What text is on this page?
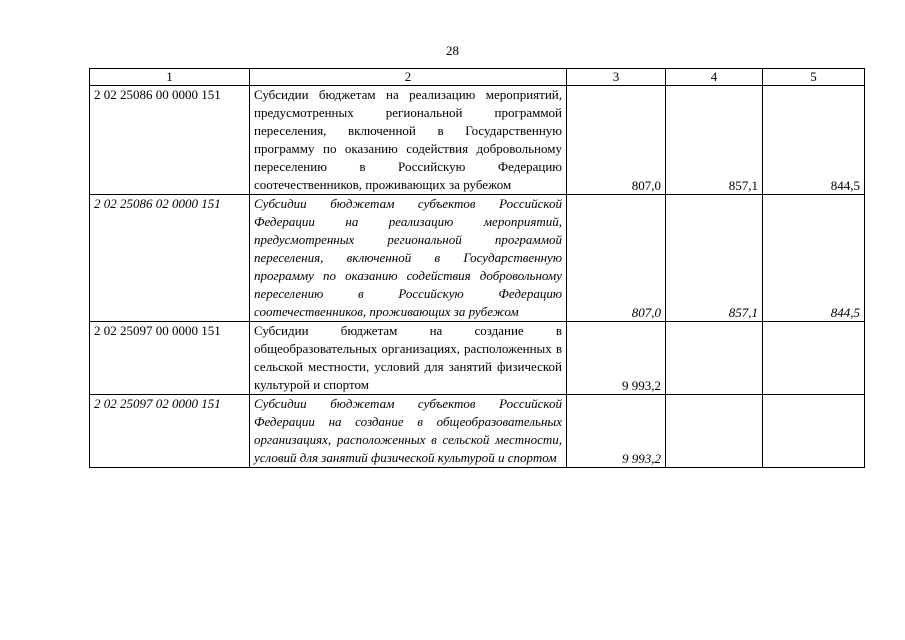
28
1	2	3	4	5
2 02 25086 00 0000 151	Субсидии бюджетам на реализацию мероприятий, предусмотренных региональной программой переселения, включенной в Государственную программу по оказанию содействия добровольному переселению в Российскую Федерацию соотечественников, проживающих за рубежом	807,0	857,1	844,5
2 02 25086 02 0000 151	Субсидии бюджетам субъектов Российской Федерации на реализацию мероприятий, предусмотренных региональной программой переселения, включенной в Государственную программу по оказанию содействия добровольному переселению в Российскую Федерацию соотечественников, проживающих за рубежом	807,0	857,1	844,5
2 02 25097 00 0000 151	Субсидии бюджетам на создание в общеобразовательных организациях, расположенных в сельской местности, условий для занятий физической культурой и спортом	9 993,2		
2 02 25097 02 0000 151	Субсидии бюджетам субъектов Российской Федерации на создание в общеобразовательных организациях, расположенных в сельской местности, условий для занятий физической культурой и спортом	9 993,2		
